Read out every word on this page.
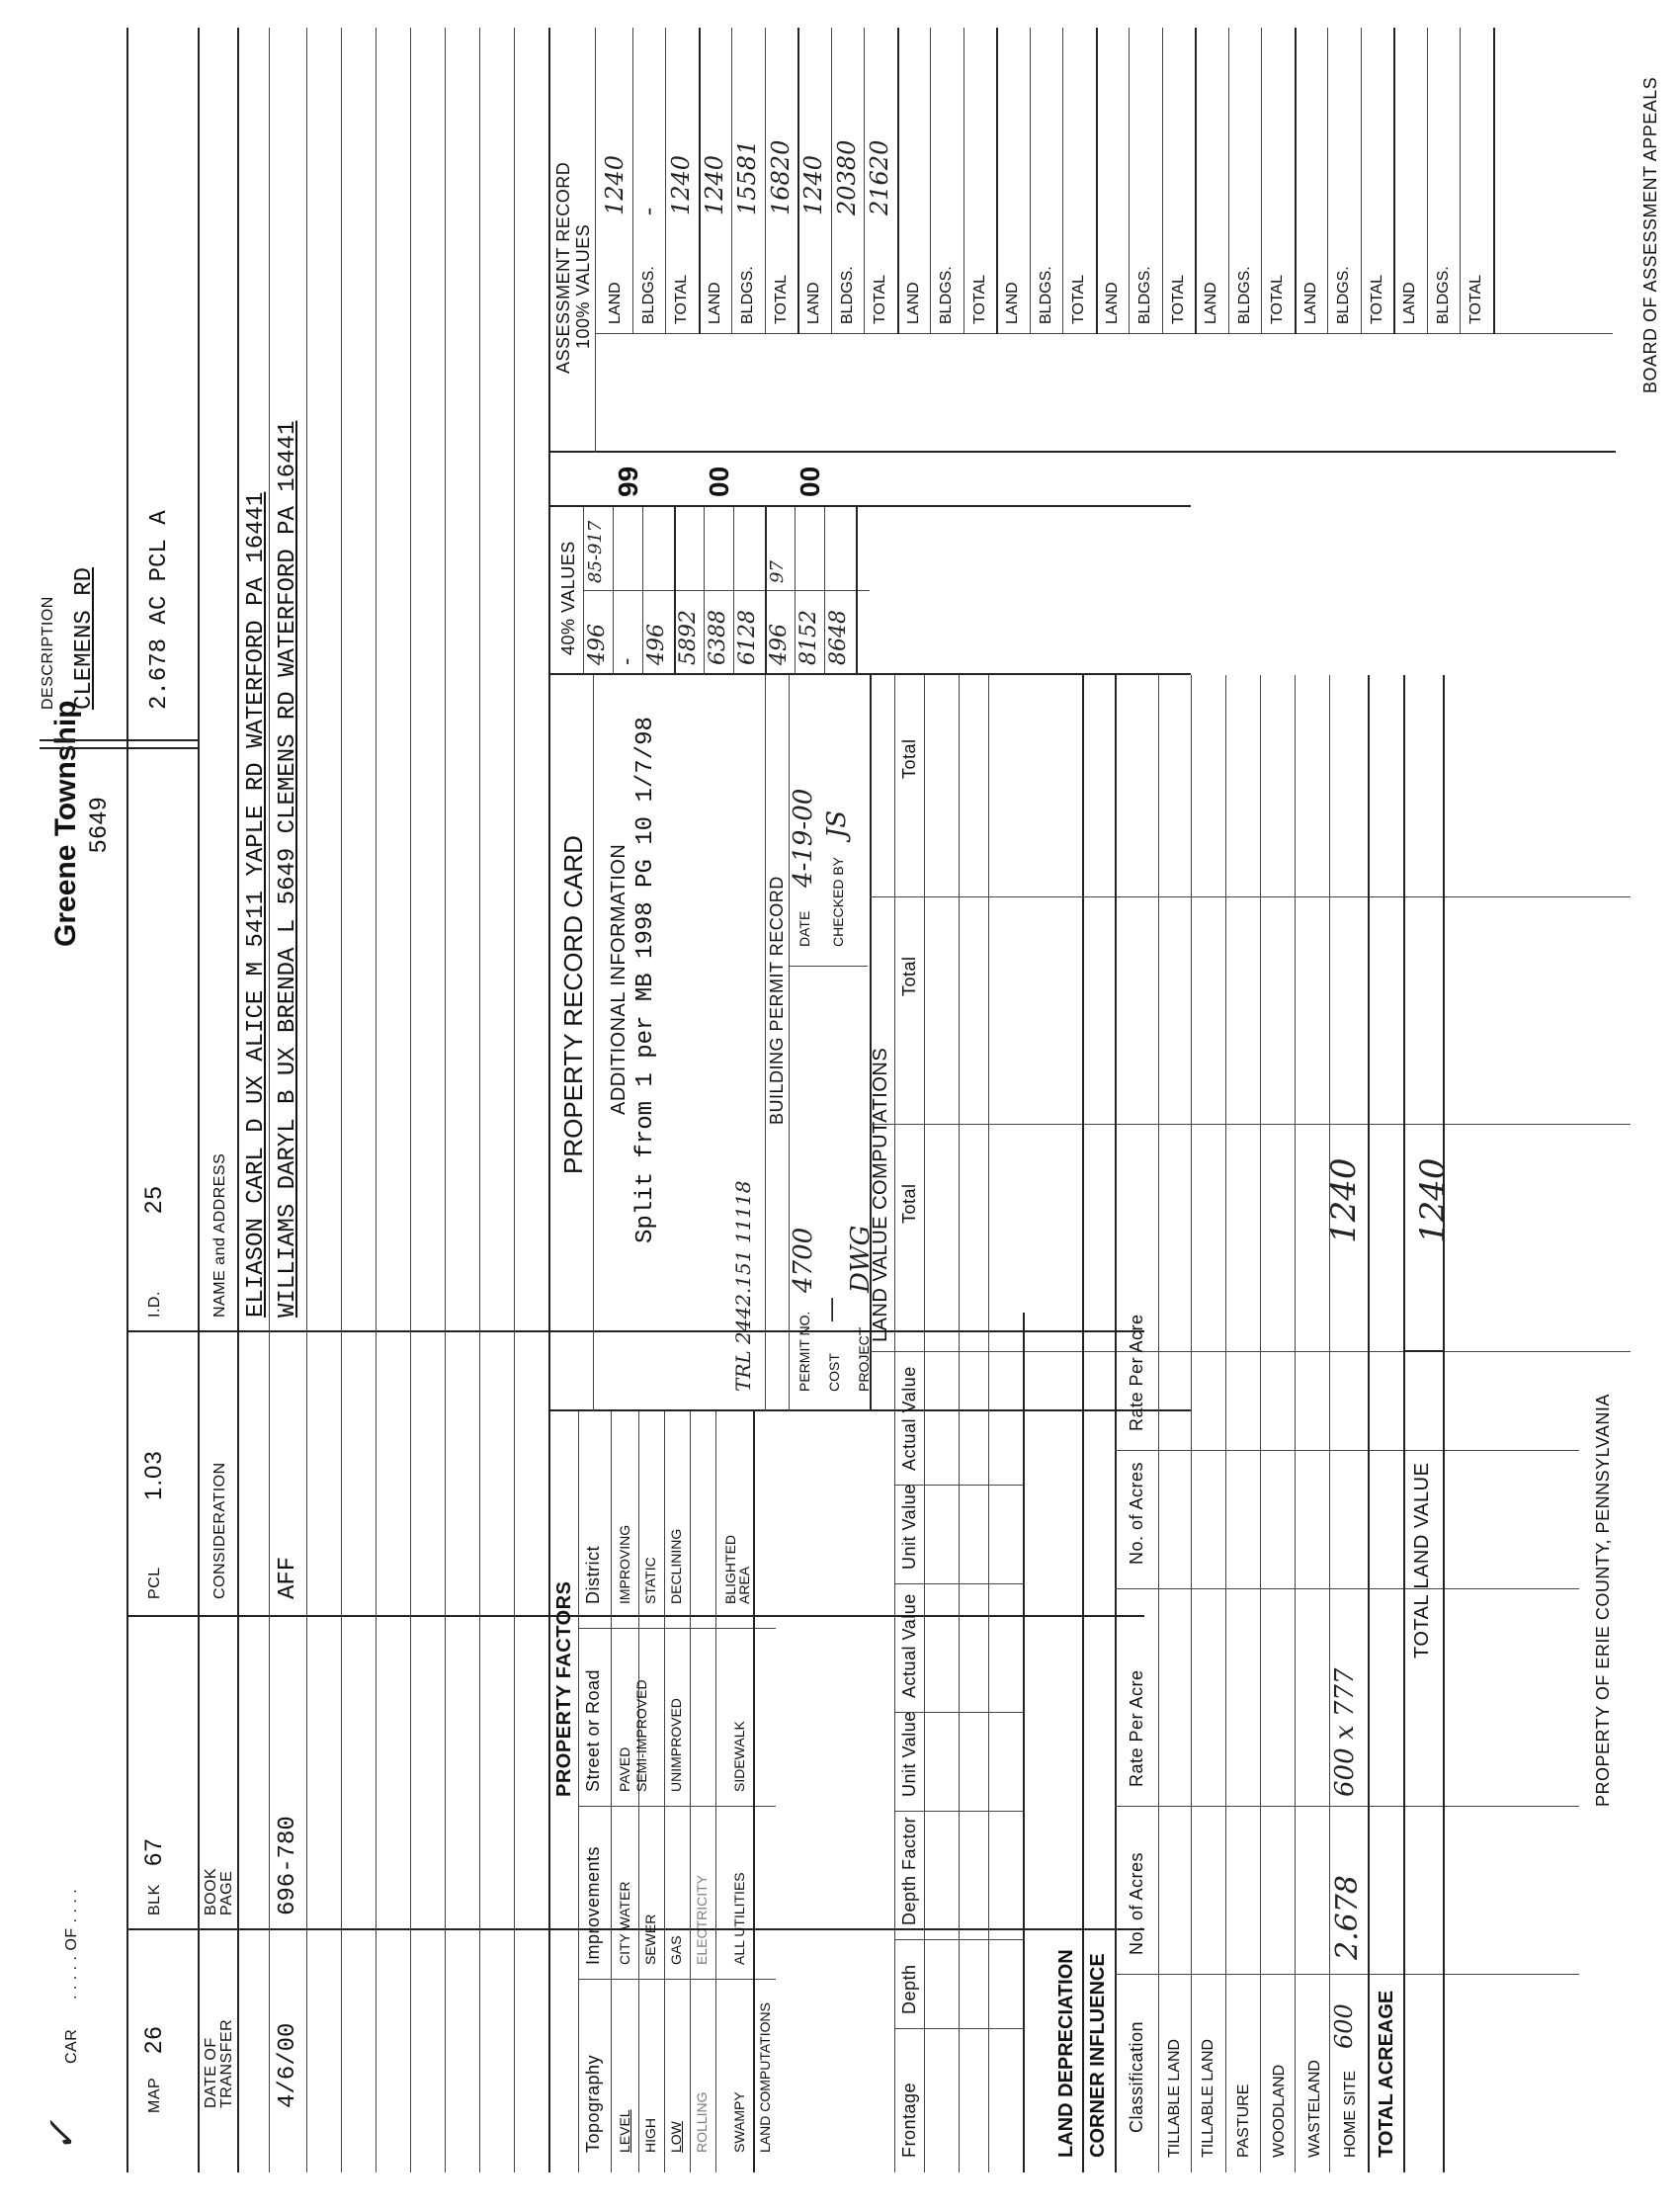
✓
CAR
. . . . . OF . . . .
Greene Township 5649
DESCRIPTION CLEMENS RD
MAP
26
BLK
67
PCL
1.03
I.D.
25
2.678 AC PCL A
DATE OF TRANSFER
BOOK PAGE
CONSIDERATION
NAME and ADDRESS ELIASON CARL D UX ALICE M 5411 YAPLE RD WATERFORD PA 16441
4/6/00
696-780
AFF
WILLIAMS DARYL B UX BRENDA L 5649 CLEMENS RD WATERFORD PA 16441
PROPERTY FACTORS
Topography
Improvements
Street or Road
District
LEVEL
CITY WATER
PAVED
IMPROVING
HIGH
SEWER
SEMI-IMPROVED
STATIC
LOW
GAS
UNIMPROVED
DECLINING
ROLLING
ELECTRICITY
SWAMPY
ALL UTILITIES
SIDEWALK
BLIGHTED AREA
LAND COMPUTATIONS
PROPERTY RECORD CARD ADDITIONAL INFORMATION Split from 1 per MB 1998 PG 10 1/7/98
TRL 2442.151 11118
BUILDING PERMIT RECORD
PERMIT NO.
4700
COST
—
PROJECT
DWG
DATE
4-19-00
CHECKED BY
JS
40% VALUES 496
85-917
- 496 5892 6388 6128 496
97
8152 8648
99 00 00
ASSESSMENT RECORD 100% VALUES LAND
1240
BLDGS.
-
TOTAL
1240
LAND
1240
BLDGS.
15581
TOTAL
16820
LAND
1240
BLDGS.
20380
TOTAL
21620
LAND BLDGS. TOTAL LAND BLDGS. TOTAL LAND BLDGS. TOTAL LAND BLDGS. TOTAL LAND BLDGS. TOTAL LAND BLDGS. TOTAL
LAND VALUE COMPUTATIONS
Frontage
Depth
Depth Factor
Unit Value
Actual Value
Unit Value
Actual Value
Total
Total
Total
LAND DEPRECIATION CORNER INFLUENCE Classification
No. of Acres
Rate Per Acre
No. of Acres
Rate Per Acre
TILLABLE LAND TILLABLE LAND PASTURE WOODLAND WASTELAND HOME SITE
600
2.678
600 x 777
1240
TOTAL ACREAGE
TOTAL LAND VALUE
1240
PROPERTY OF ERIE COUNTY, PENNSYLVANIA
BOARD OF ASSESSMENT APPEALS
